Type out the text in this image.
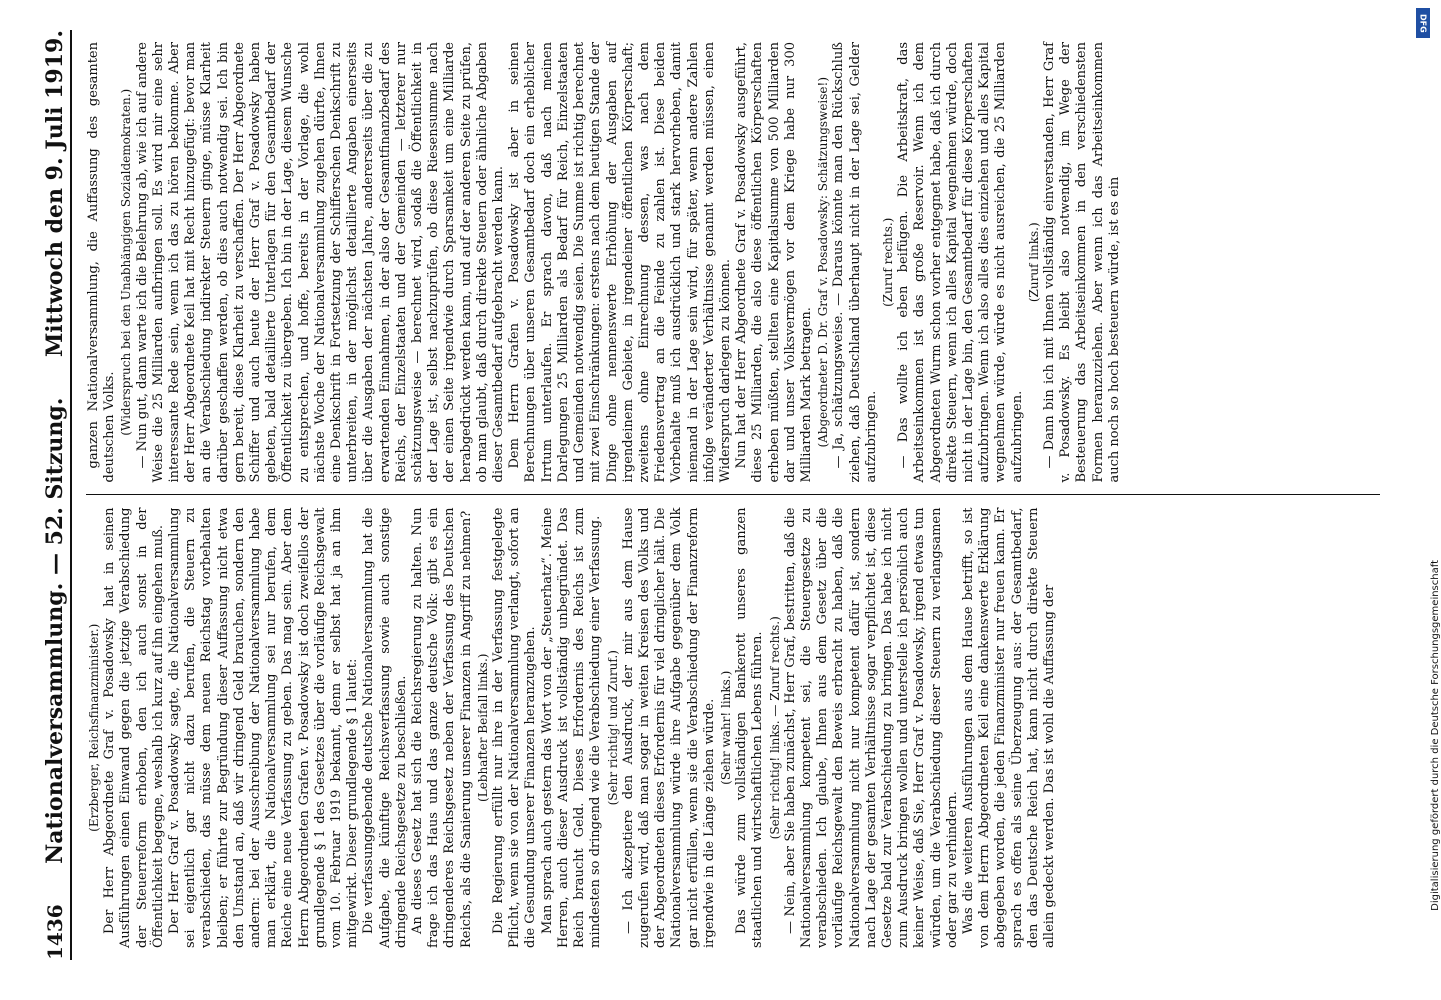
1436
Nationalversammlung. — 52. Sitzung.
Mittwoch den 9. Juli 1919.

(Erzberger, Reichsfinanzminister.) Der Herr Abgeordnete Graf v. Posadowsky hat in seinen Ausführungen einen Einwand gegen die jetzige Verabschiedung der Steuerreform erhoben, den ich auch sonst in der Öffentlichkeit begegne, weshalb ich kurz auf ihn eingehen muß. Der Herr Graf v. Posadowsky sagte, die Nationalversammlung sei eigentlich gar nicht dazu berufen, die Steuern zu verabschieden, das müsse dem neuen Reichstag vorbehalten bleiben; er führte zur Begründung dieser Auffassung nicht etwa den Umstand an, daß wir dringend Geld brauchen, sondern den andern: bei der Ausschreibung der Nationalversammlung habe man erklärt, die Nationalversammlung sei nur berufen, dem Reiche eine neue Verfassung zu geben. Das mag sein. Aber dem Herrn Abgeordneten Grafen v. Posadowsky ist doch zweifellos der grundlegende § 1 des Gesetzes über die vorläufige Reichsgewalt vom 10. Februar 1919 bekannt, denn er selbst hat ja an ihm mitgewirkt. Dieser grundlegende § 1 lautet: Die verfassunggebende deutsche Nationalversammlung hat die Aufgabe, die künftige Reichsverfassung sowie auch sonstige dringende Reichsgesetze zu beschließen. An dieses Gesetz hat sich die Reichsregierung zu halten. Nun frage ich das Haus und das ganze deutsche Volk: gibt es ein dringenderes Reichsgesetz neben der Verfassung des Deutschen Reichs, als die Sanierung unserer Finanzen in Angriff zu nehmen? (Lebhafter Beifall links.) Die Regierung erfüllt nur ihre in der Verfassung festgelegte Pflicht, wenn sie von der Nationalversammlung verlangt, sofort an die Gesundung unserer Finanzen heranzugehen. Man sprach auch gestern das Wort von der „Steuerhatz“. Meine Herren, auch dieser Ausdruck ist vollständig unbegründet. Das Reich braucht Geld. Dieses Erfordernis des Reichs ist zum mindesten so dringend wie die Verabschiedung einer Verfassung. (Sehr richtig! und Zuruf.) — Ich akzeptiere den Ausdruck, der mir aus dem Hause zugerufen wird, daß man sogar in weiten Kreisen des Volks und der Abgeordneten dieses Erfordernis für viel dringlicher hält. Die Nationalversammlung würde ihre Aufgabe gegenüber dem Volk gar nicht erfüllen, wenn sie die Verabschiedung der Finanzreform irgendwie in die Länge ziehen würde. (Sehr wahr! links.) Das würde zum vollständigen Bankerott unseres ganzen staatlichen und wirtschaftlichen Lebens führen. (Sehr richtig! links. — Zuruf rechts.) — Nein, aber Sie haben zunächst, Herr Graf, bestritten, daß die Nationalversammlung kompetent sei, die Steuergesetze zu verabschieden. Ich glaube, Ihnen aus dem Gesetz über die vorläufige Reichsgewalt den Beweis erbracht zu haben, daß die Nationalversammlung nicht nur kompetent dafür ist, sondern nach Lage der gesamten Verhältnisse sogar verpflichtet ist, diese Gesetze bald zur Verabschiedung zu bringen. Das habe ich nicht zum Ausdruck bringen wollen und unterstelle ich persönlich auch keiner Weise, daß Sie, Herr Graf v. Posadowsky, irgend etwas tun würden, um die Verabschiedung dieser Steuern zu verlangsamen oder gar zu verhindern. Was die weiteren Ausführungen aus dem Hause betrifft, so ist von dem Herrn Abgeordneten Keil eine dankenswerte Erklärung abgegeben worden, die jeden Finanzminister nur freuen kann. Er sprach es offen als seine Überzeugung aus: der Gesamtbedarf, den das Deutsche Reich hat, kann nicht durch direkte Steuern allein gedeckt werden. Das ist wohl die Auffassung der

ganzen Nationalversammlung, die Auffassung des gesamten deutschen Volks. (Widerspruch bei den Unabhängigen Sozialdemokraten.) — Nun gut, dann warte ich die Belehrung ab, wie ich auf andere Weise die 25 Milliarden aufbringen soll. Es wird mir eine sehr interessante Rede sein, wenn ich das zu hören bekomme. Aber der Herr Abgeordnete Keil hat mit Recht hinzugefügt: bevor man an die Verabschiedung indirekter Steuern ginge, müsse Klarheit darüber geschaffen werden, ob dies auch notwendig sei. Ich bin gern bereit, diese Klarheit zu verschaffen. Der Herr Abgeordnete Schiffer und auch heute der Herr Graf v. Posadowsky haben gebeten, bald detaillierte Unterlagen für den Gesamtbedarf der Öffentlichkeit zu übergeben. Ich bin in der Lage, diesem Wunsche zu entsprechen, und hoffe, bereits in der Vorlage, die wohl nächste Woche der Nationalversammlung zugehen dürfte, Ihnen eine Denkschrift in Fortsetzung der Schifferschen Denkschrift zu unterbreiten, in der möglichst detaillierte Angaben einerseits über die Ausgaben der nächsten Jahre, andererseits über die zu erwartenden Einnahmen, in der also der Gesamtfinanzbedarf des Reichs, der Einzelstaaten und der Gemeinden — letzterer nur schätzungsweise — berechnet wird, sodaß die Öffentlichkeit in der Lage ist, selbst nachzuprüfen, ob diese Riesensumme nach der einen Seite irgendwie durch Sparsamkeit um eine Milliarde herabgedrückt werden kann, und auf der anderen Seite zu prüfen, ob man glaubt, daß durch direkte Steuern oder ähnliche Abgaben dieser Gesamtbedarf aufgebracht werden kann. Dem Herrn Grafen v. Posadowsky ist aber in seinen Berechnungen über unseren Gesamtbedarf doch ein erheblicher Irrtum unterlaufen. Er sprach davon, daß nach meinen Darlegungen 25 Milliarden als Bedarf für Reich, Einzelstaaten und Gemeinden notwendig seien. Die Summe ist richtig berechnet mit zwei Einschränkungen: erstens nach dem heutigen Stande der Dinge ohne nennenswerte Erhöhung der Ausgaben auf irgendeinem Gebiete, in irgendeiner öffentlichen Körperschaft; zweitens ohne Einrechnung dessen, was nach dem Friedensvertrag an die Feinde zu zahlen ist. Diese beiden Vorbehalte muß ich ausdrücklich und stark hervorheben, damit niemand in der Lage sein wird, für später, wenn andere Zahlen infolge veränderter Verhältnisse genannt werden müssen, einen Widerspruch darlegen zu können. Nun hat der Herr Abgeordnete Graf v. Posadowsky ausgeführt, diese 25 Milliarden, die also diese öffentlichen Körperschaften erheben müßten, stellten eine Kapitalsumme von 500 Milliarden dar und unser Volksvermögen vor dem Kriege habe nur 300 Milliarden Mark betragen. (Abgeordneter D. Dr. Graf v. Posadowsky: Schätzungsweise!) — Ja, schätzungsweise. — Daraus könnte man den Rückschluß ziehen, daß Deutschland überhaupt nicht in der Lage sei, Gelder aufzubringen.

(Zuruf rechts.) — Das wollte ich eben beifügen. Die Arbeitskraft, das Arbeitseinkommen ist das große Reservoir. Wenn ich dem Abgeordneten Wurm schon vorher entgegnet habe, daß ich durch direkte Steuern, wenn ich alles Kapital wegnehmen würde, doch nicht in der Lage bin, den Gesamtbedarf für diese Körperschaften aufzubringen. Wenn ich also alles dies einziehen und alles Kapital wegnehmen würde, würde es nicht ausreichen, die 25 Milliarden aufzubringen.

(Zuruf links.) — Dann bin ich mit Ihnen vollständig einverstanden, Herr Graf v. Posadowsky. Es bleibt also notwendig, im Wege der Besteuerung das Arbeitseinkommen in den verschiedensten Formen heranzuziehen. Aber wenn ich das Arbeitseinkommen auch noch so hoch besteuern würde, ist es ein

DFG
Digitalisierung gefördert durch die Deutsche Forschungsgemeinschaft
